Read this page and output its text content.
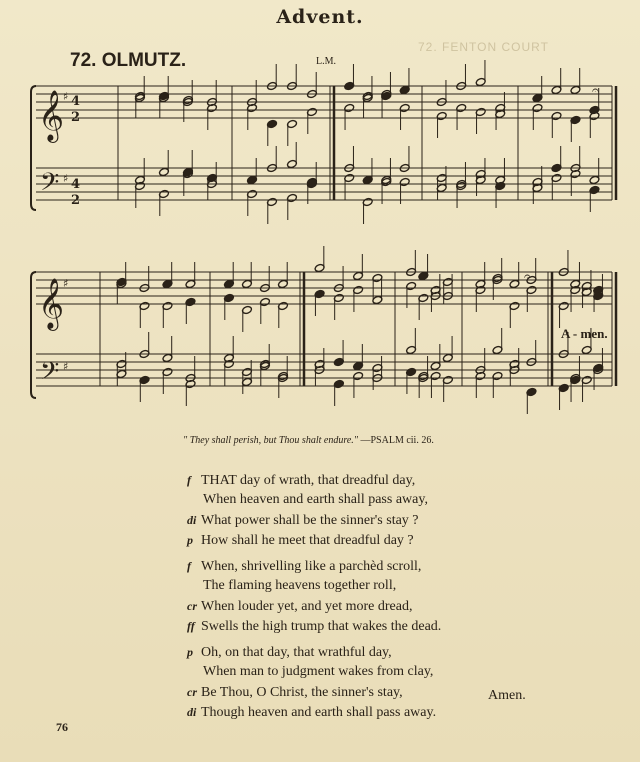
Advent.
72. FENTON COURT
72. OLMUTZ.	L.M.
𝄞
𝄢
𝄞
𝄢
♯
♯
♯
♯
4
2
4
2
𝄐
𝄐
A - men.
" They shall perish, but Thou shalt endure." —PSALM cii. 26.
f THAT day of wrath, that dreadful day,
When heaven and earth shall pass away,
di What power shall be the sinner's stay ?
p How shall he meet that dreadful day ?
f When, shrivelling like a parchèd scroll,
The flaming heavens together roll,
cr When louder yet, and yet more dread,
ff Swells the high trump that wakes the dead.
p Oh, on that day, that wrathful day,
When man to judgment wakes from clay,
cr Be Thou, O Christ, the sinner's stay,
di Though heaven and earth shall pass away.
Amen.
76
